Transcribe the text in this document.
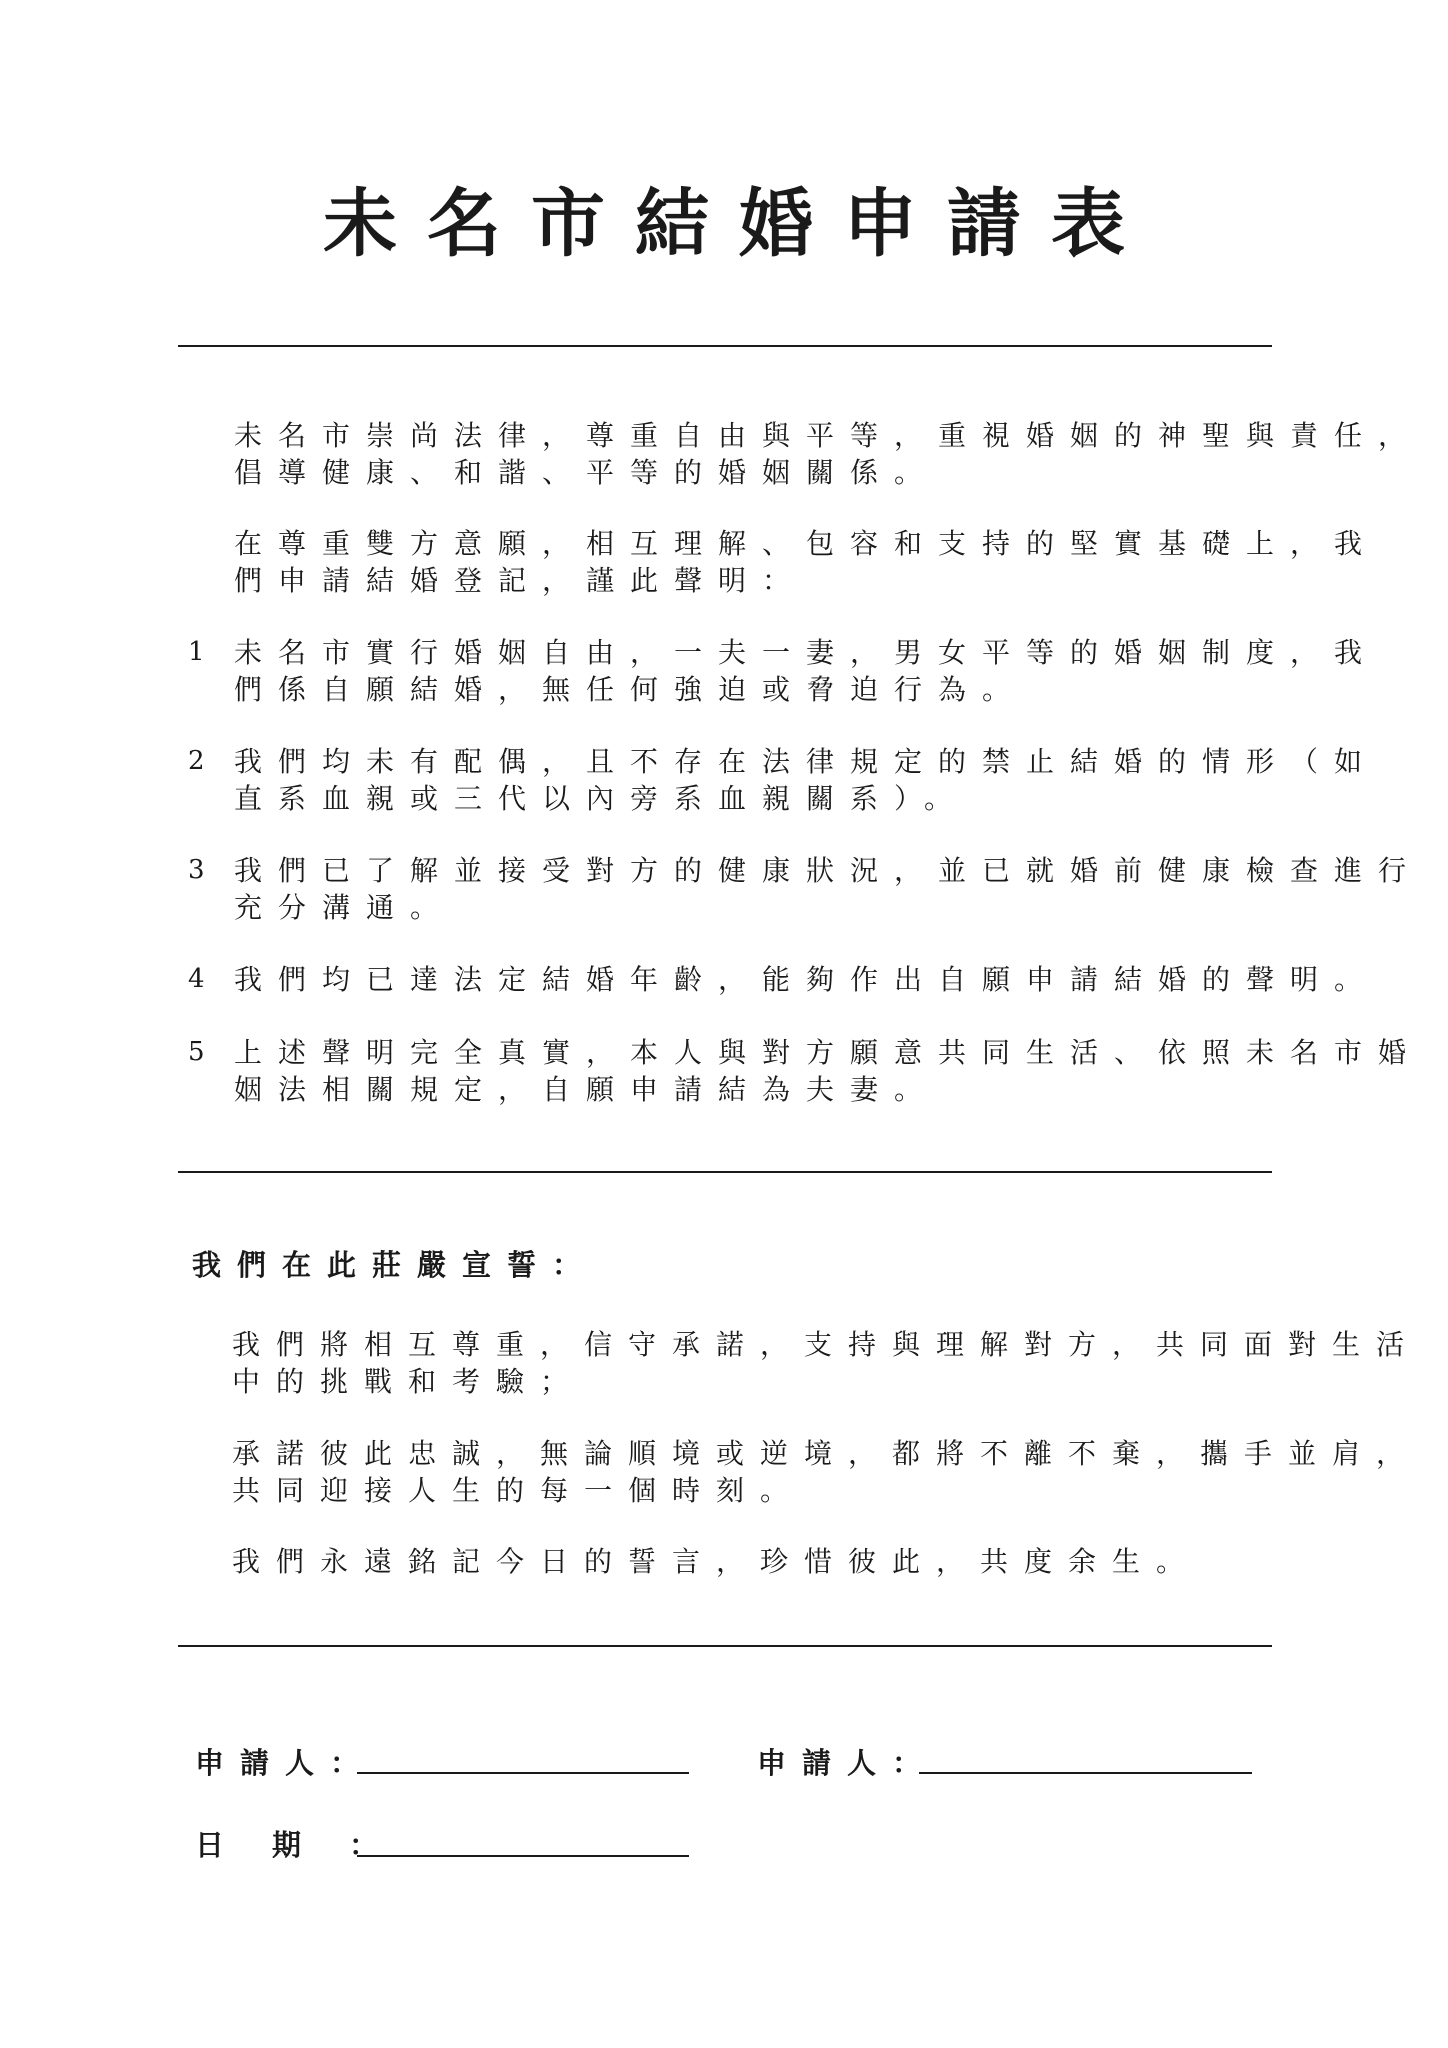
未名市結婚申請表
未名市崇尚法律，尊重自由與平等，重視婚姻的神聖與責任，
倡導健康、和諧、平等的婚姻關係。
在尊重雙方意願，相互理解、包容和支持的堅實基礎上，我
們申請結婚登記，謹此聲明：
1 未名市實行婚姻自由，一夫一妻，男女平等的婚姻制度，我
們係自願結婚，無任何強迫或脅迫行為。
2 我們均未有配偶，且不存在法律規定的禁止結婚的情形（如
直系血親或三代以內旁系血親關系）。
3 我們已了解並接受對方的健康狀況，並已就婚前健康檢查進行
充分溝通。
4 我們均已達法定結婚年齡，能夠作出自願申請結婚的聲明。
5 上述聲明完全真實，本人與對方願意共同生活、依照未名市婚
姻法相關規定，自願申請結為夫妻。
我們在此莊嚴宣誓：
我們將相互尊重，信守承諾，支持與理解對方，共同面對生活
中的挑戰和考驗；
承諾彼此忠誠，無論順境或逆境，都將不離不棄，攜手並肩，
共同迎接人生的每一個時刻。
我們永遠銘記今日的誓言，珍惜彼此，共度余生。
申請人：	申請人：
日期：
